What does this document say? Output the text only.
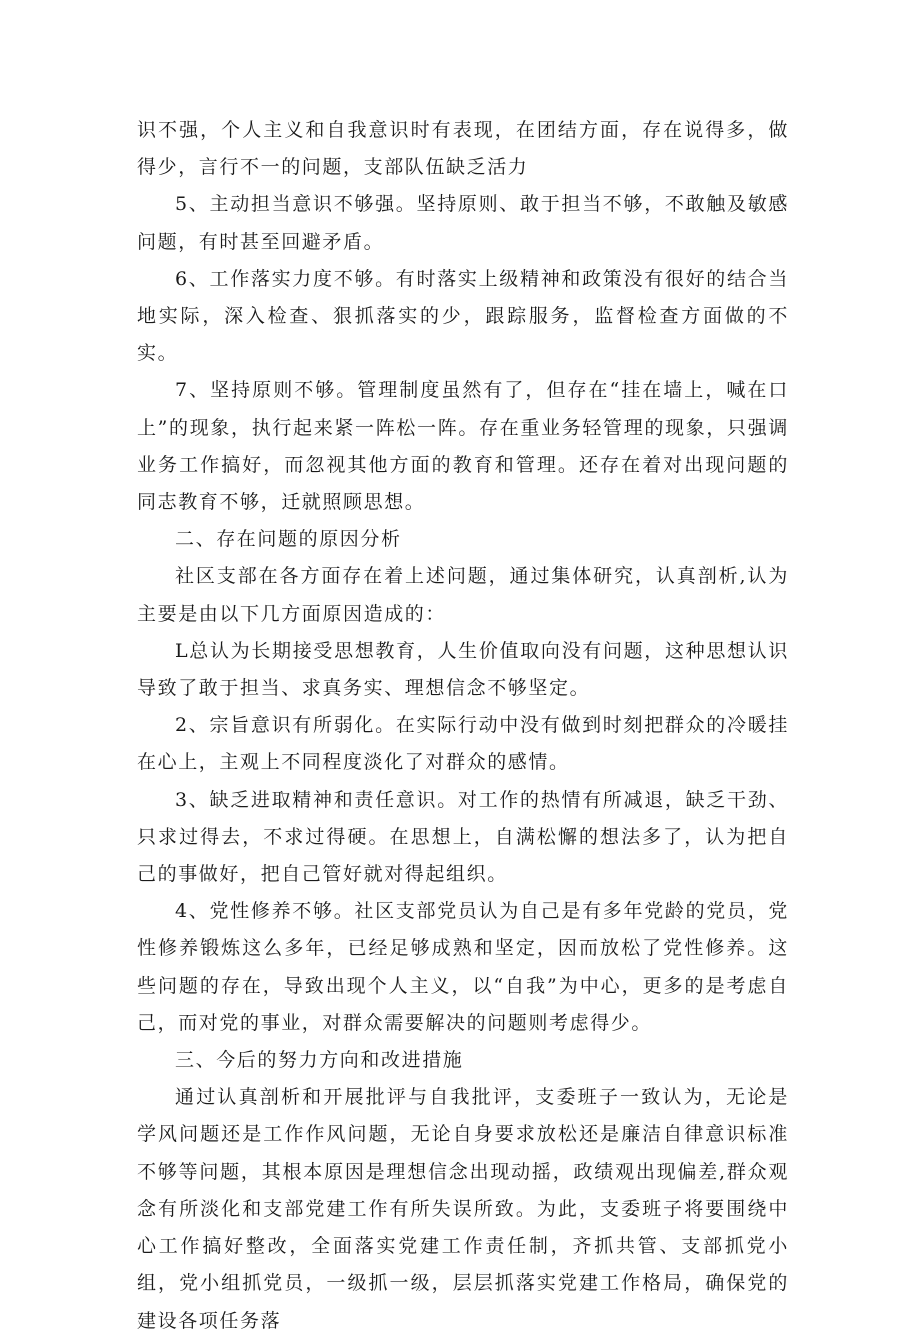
识不强，个人主义和自我意识时有表现，在团结方面，存在说得多，做得少，言行不一的问题，支部队伍缺乏活力

5、主动担当意识不够强。坚持原则、敢于担当不够，不敢触及敏感问题，有时甚至回避矛盾。

6、工作落实力度不够。有时落实上级精神和政策没有很好的结合当地实际，深入检查、狠抓落实的少，跟踪服务，监督检查方面做的不实。

7、坚持原则不够。管理制度虽然有了，但存在“挂在墙上，喊在口上”的现象，执行起来紧一阵松一阵。存在重业务轻管理的现象，只强调业务工作搞好，而忽视其他方面的教育和管理。还存在着对出现问题的同志教育不够，迁就照顾思想。

二、存在问题的原因分析

社区支部在各方面存在着上述问题，通过集体研究，认真剖析,认为主要是由以下几方面原因造成的：

L总认为长期接受思想教育，人生价值取向没有问题，这种思想认识导致了敢于担当、求真务实、理想信念不够坚定。

2、宗旨意识有所弱化。在实际行动中没有做到时刻把群众的冷暖挂在心上，主观上不同程度淡化了对群众的感情。

3、缺乏进取精神和责任意识。对工作的热情有所减退，缺乏干劲、只求过得去，不求过得硬。在思想上，自满松懈的想法多了，认为把自己的事做好，把自己管好就对得起组织。

4、党性修养不够。社区支部党员认为自己是有多年党龄的党员，党性修养锻炼这么多年，已经足够成熟和坚定，因而放松了党性修养。这些问题的存在，导致出现个人主义，以“自我”为中心，更多的是考虑自己，而对党的事业，对群众需要解决的问题则考虑得少。

三、今后的努力方向和改进措施

通过认真剖析和开展批评与自我批评，支委班子一致认为，无论是学风问题还是工作作风问题，无论自身要求放松还是廉洁自律意识标准不够等问题，其根本原因是理想信念出现动摇，政绩观出现偏差,群众观念有所淡化和支部党建工作有所失误所致。为此，支委班子将要围绕中心工作搞好整改，全面落实党建工作责任制，齐抓共管、支部抓党小组，党小组抓党员，一级抓一级，层层抓落实党建工作格局，确保党的建设各项任务落
